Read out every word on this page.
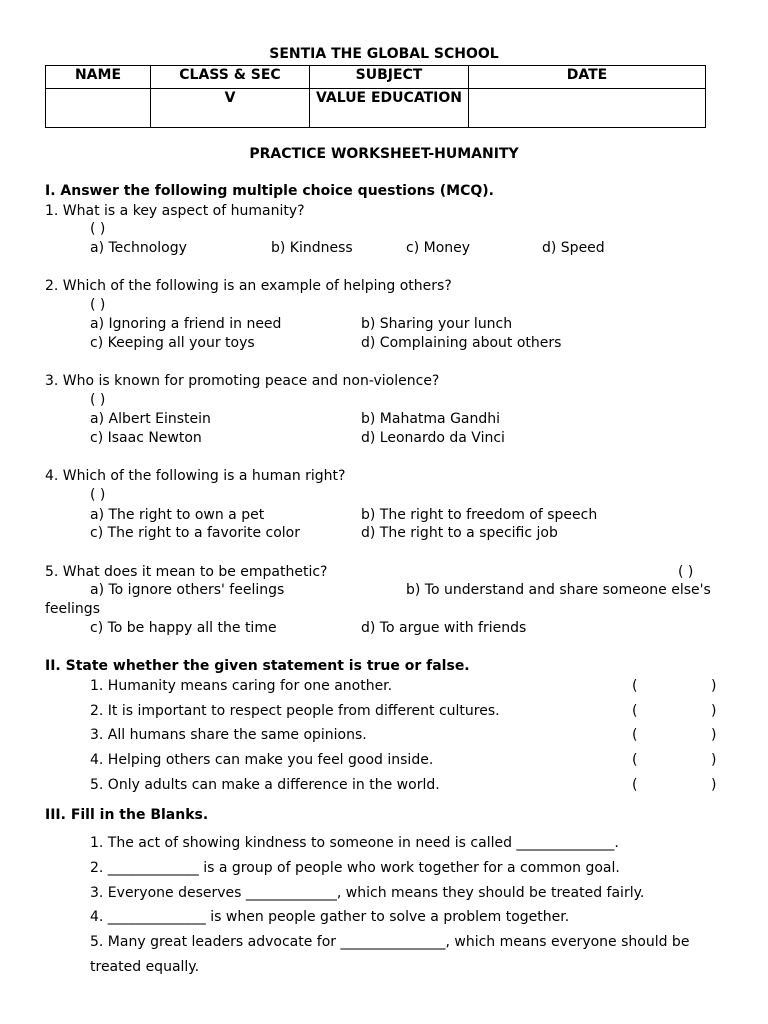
SENTIA THE GLOBAL SCHOOL
NAME	CLASS & SEC	SUBJECT	DATE
	V	VALUE EDUCATION	
PRACTICE WORKSHEET-HUMANITY
I. Answer the following multiple choice questions (MCQ).
1. What is a key aspect of humanity?
( )
a) Technology	b) Kindness	c) Money	d) Speed
2. Which of the following is an example of helping others?
( )
a) Ignoring a friend in need	b) Sharing your lunch
c) Keeping all your toys	d) Complaining about others
3. Who is known for promoting peace and non-violence?
( )
a) Albert Einstein	b) Mahatma Gandhi
c) Isaac Newton	d) Leonardo da Vinci
4. Which of the following is a human right?
( )
a) The right to own a pet	b) The right to freedom of speech
c) The right to a favorite color	d) The right to a specific job
5. What does it mean to be empathetic?	( )
a) To ignore others' feelings	b) To understand and share someone else's
feelings
c) To be happy all the time	d) To argue with friends
II. State whether the given statement is true or false.
1. Humanity means caring for one another.	(	)
2. It is important to respect people from different cultures.	(	)
3. All humans share the same opinions.	(	)
4. Helping others can make you feel good inside.	(	)
5. Only adults can make a difference in the world.	(	)
III. Fill in the Blanks.
1. The act of showing kindness to someone in need is called ______________.
2. _____________ is a group of people who work together for a common goal.
3. Everyone deserves _____________, which means they should be treated fairly.
4. ______________ is when people gather to solve a problem together.
5. Many great leaders advocate for _______________, which means everyone should be
treated equally.
